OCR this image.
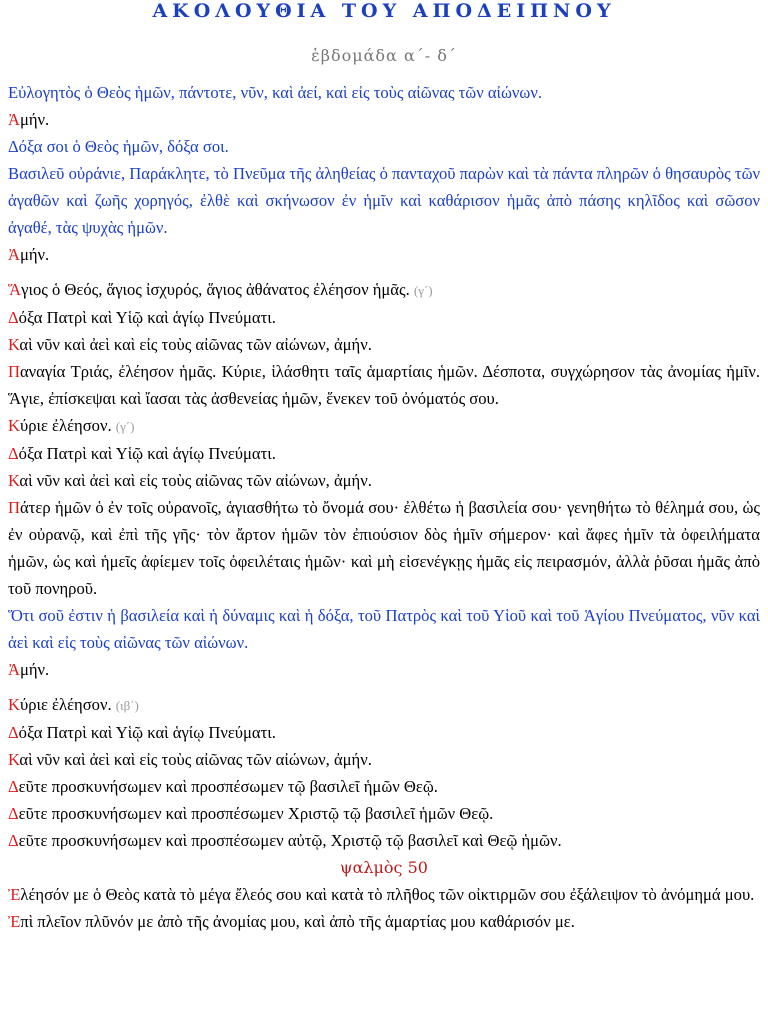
ΑΚΟΛΟΥΘΙΑ ΤΟΥ ΑΠΟΔΕΙΠΝΟΥ
ἑβδομάδα α΄- δ΄

Εὐλογητὸς ὁ Θεὸς ἡμῶν, πάντοτε, νῦν, καὶ ἀεί, καὶ εἰς τοὺς αἰῶνας τῶν αἰώνων.

Ἀμήν.

Δόξα σοι ὁ Θεὸς ἡμῶν, δόξα σοι.

Βασιλεῦ οὐράνιε, Παράκλητε, τὸ Πνεῦμα τῆς ἀληθείας ὁ πανταχοῦ παρὼν καὶ τὰ πάντα πληρῶν ὁ θησαυρὸς τῶν ἀγαθῶν καὶ ζωῆς χορηγός, ἐλθὲ καὶ σκήνωσον ἐν ἡμῖν καὶ καθάρισον ἡμᾶς ἀπὸ πάσης κηλῖδος καὶ σῶσον ἀγαθέ, τὰς ψυχὰς ἡμῶν.

Ἀμήν.

Ἅγιος ὁ Θεός, ἅγιος ἰσχυρός, ἅγιος ἀθάνατος ἐλέησον ἡμᾶς. (γ΄)

Δόξα Πατρὶ καὶ Υἱῷ καὶ ἁγίῳ Πνεύματι.

Καὶ νῦν καὶ ἀεὶ καὶ εἰς τοὺς αἰῶνας τῶν αἰώνων, ἀμήν.

Παναγία Τριάς, ἐλέησον ἡμᾶς. Κύριε, ἱλάσθητι ταῖς ἁμαρτίαις ἡμῶν. Δέσποτα, συγχώρησον τὰς ἀνομίας ἡμῖν. Ἅγιε, ἐπίσκεψαι καὶ ἴασαι τὰς ἀσθενείας ἡμῶν, ἕνεκεν τοῦ ὀνόματός σου.

Κύριε ἐλέησον. (γ΄)

Δόξα Πατρὶ καὶ Υἱῷ καὶ ἁγίῳ Πνεύματι.

Καὶ νῦν καὶ ἀεὶ καὶ εἰς τοὺς αἰῶνας τῶν αἰώνων, ἀμήν.

Πάτερ ἡμῶν ὁ ἐν τοῖς οὐρανοῖς, ἁγιασθήτω τὸ ὄνομά σου· ἐλθέτω ἡ βασιλεία σου· γενηθήτω τὸ θέλημά σου, ὡς ἐν οὐρανῷ, καὶ ἐπὶ τῆς γῆς· τὸν ἄρτον ἡμῶν τὸν ἐπιούσιον δὸς ἡμῖν σήμερον· καὶ ἄφες ἡμῖν τὰ ὀφειλήματα ἡμῶν, ὡς καὶ ἡμεῖς ἀφίεμεν τοῖς ὀφειλέταις ἡμῶν· καὶ μὴ εἰσενέγκῃς ἡμᾶς εἰς πειρασμόν, ἀλλὰ ῥῦσαι ἡμᾶς ἀπὸ τοῦ πονηροῦ.

Ὅτι σοῦ ἐστιν ἡ βασιλεία καὶ ἡ δύναμις καὶ ἡ δόξα, τοῦ Πατρὸς καὶ τοῦ Υἱοῦ καὶ τοῦ Ἁγίου Πνεύματος, νῦν καὶ ἀεὶ καὶ εἰς τοὺς αἰῶνας τῶν αἰώνων.

Ἀμήν.

Κύριε ἐλέησον. (ιβ΄)

Δόξα Πατρὶ καὶ Υἱῷ καὶ ἁγίῳ Πνεύματι.

Καὶ νῦν καὶ ἀεὶ καὶ εἰς τοὺς αἰῶνας τῶν αἰώνων, ἀμήν.

Δεῦτε προσκυνήσωμεν καὶ προσπέσωμεν τῷ βασιλεῖ ἡμῶν Θεῷ.

Δεῦτε προσκυνήσωμεν καὶ προσπέσωμεν Χριστῷ τῷ βασιλεῖ ἡμῶν Θεῷ.

Δεῦτε προσκυνήσωμεν καὶ προσπέσωμεν αὐτῷ, Χριστῷ τῷ βασιλεῖ καὶ Θεῷ ἡμῶν.

ψαλμὸς 50

Ἐλέησόν με ὁ Θεὸς κατὰ τὸ μέγα ἔλεός σου καὶ κατὰ τὸ πλῆθος τῶν οἰκτιρμῶν σου ἐξάλειψον τὸ ἀνόμημά μου.

Ἐπὶ πλεῖον πλῦνόν με ἀπὸ τῆς ἀνομίας μου, καὶ ἀπὸ τῆς ἁμαρτίας μου καθάρισόν με.
